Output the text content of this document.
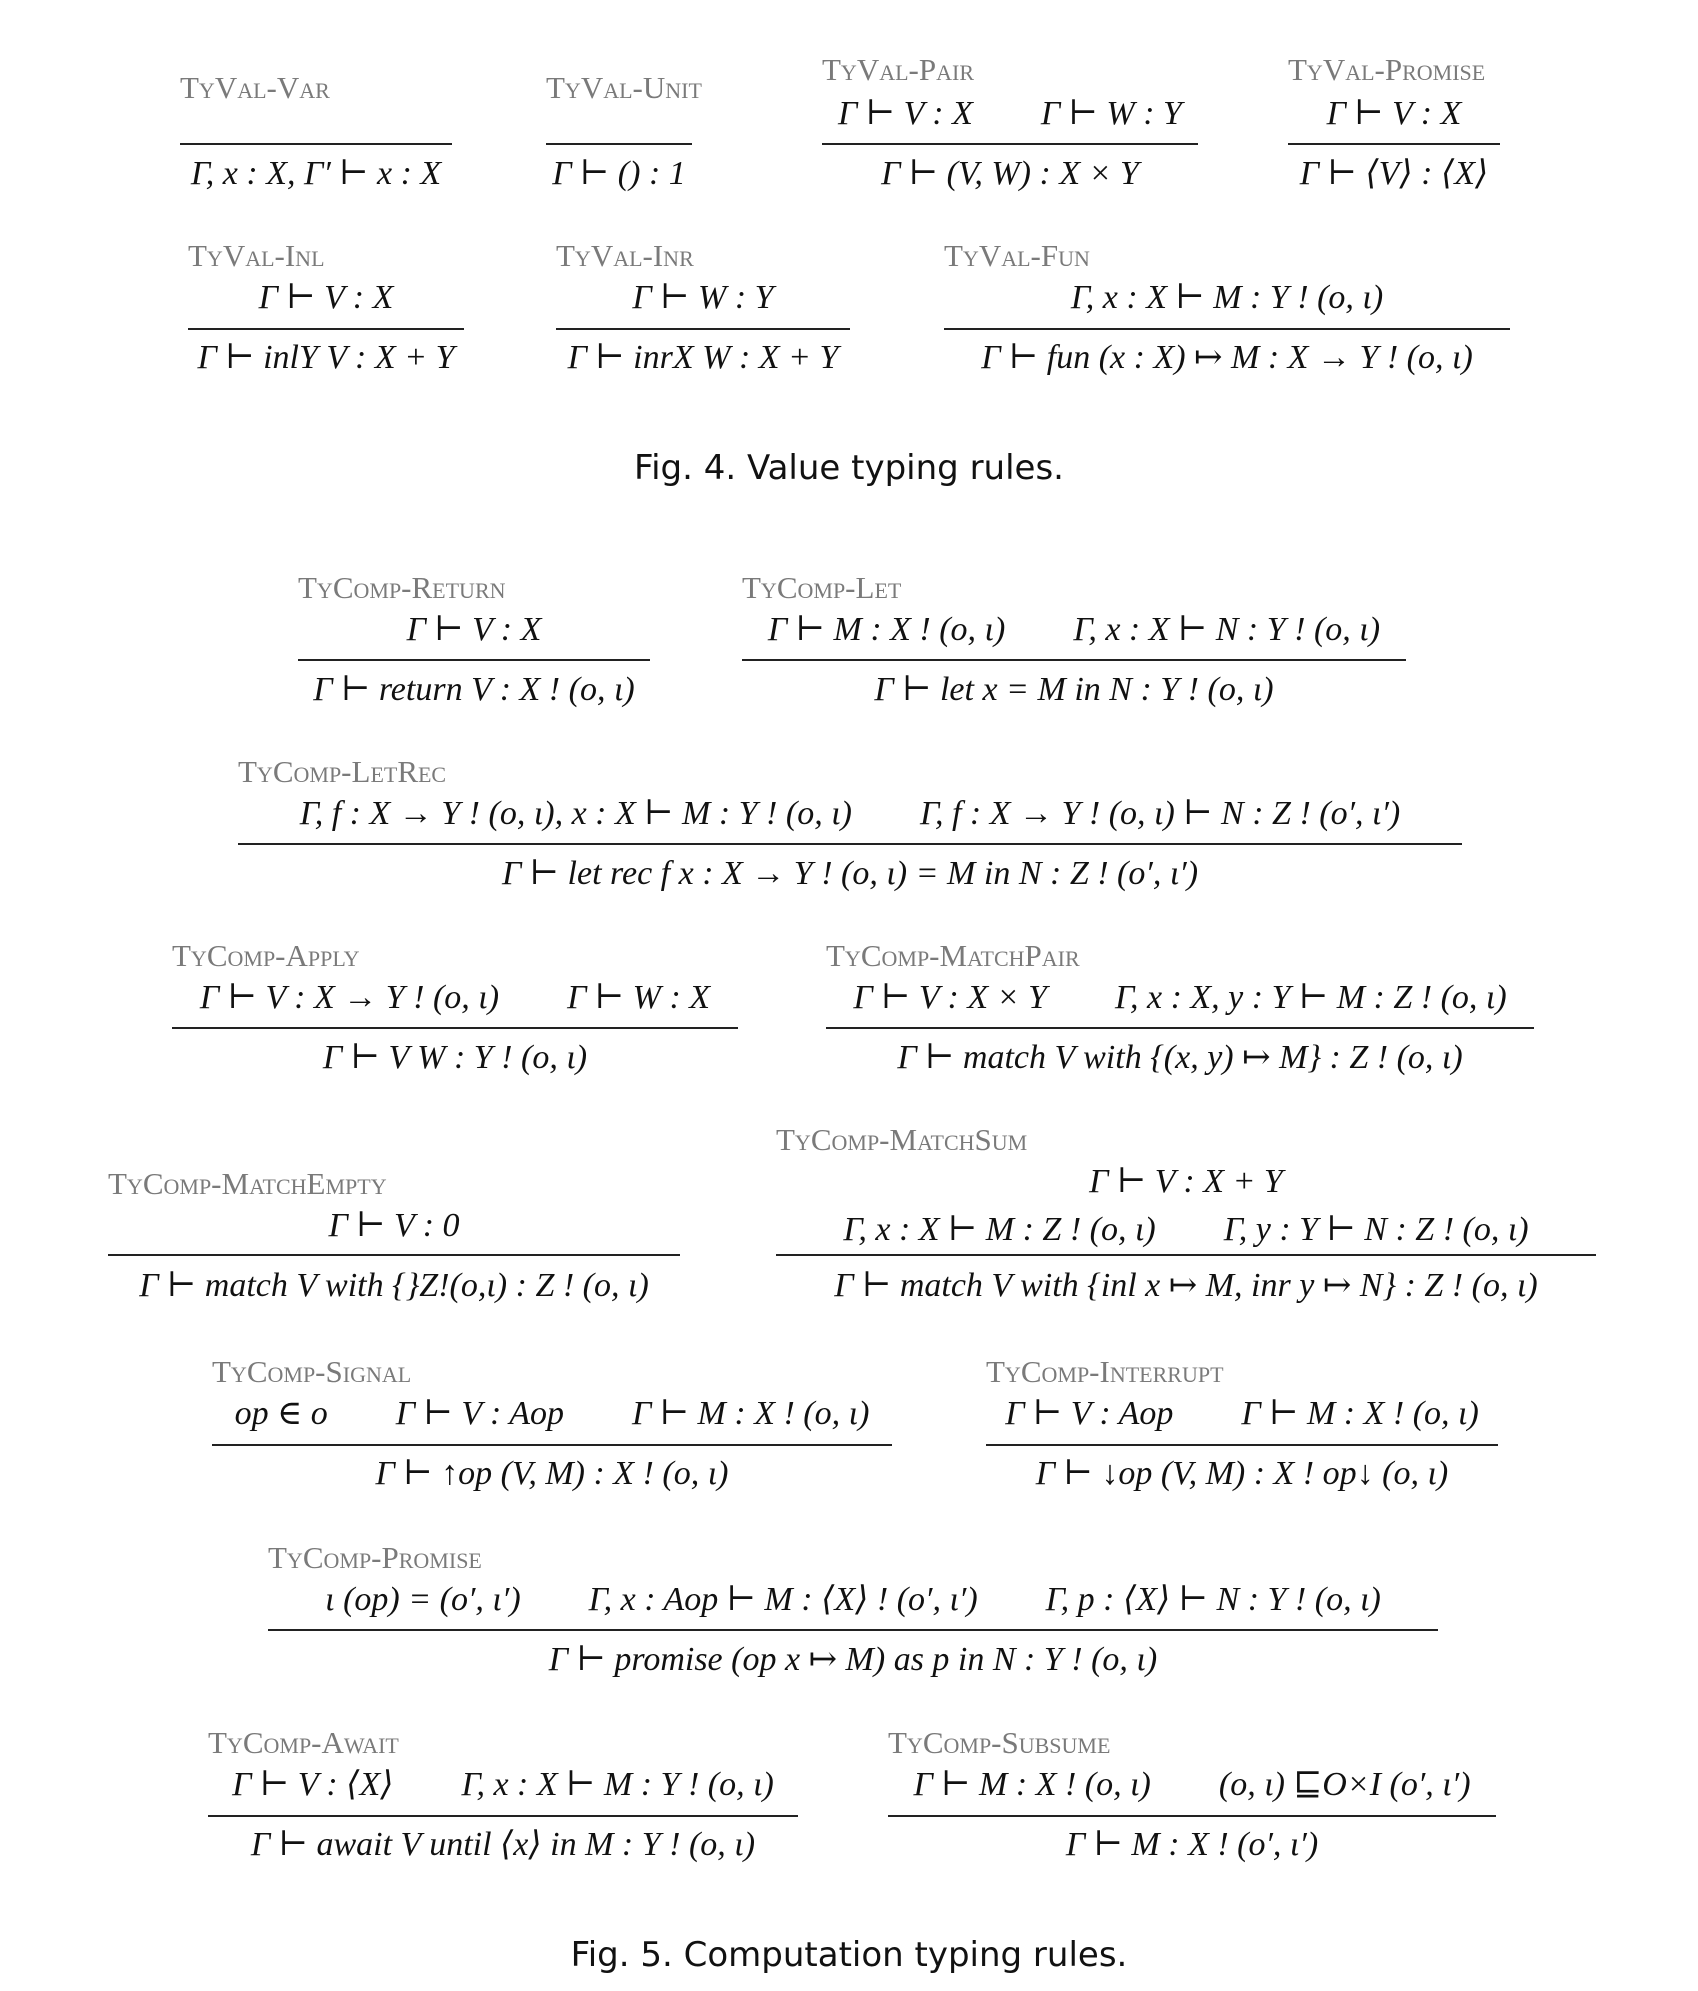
TyVal-Var
Γ, x : X, Γ′ ⊢ x : X
TyVal-Unit
Γ ⊢ () : 1
TyVal-Pair
Γ ⊢ V : X        Γ ⊢ W : Y
Γ ⊢ (V, W) : X × Y
TyVal-Promise
Γ ⊢ V : X
Γ ⊢ ⟨V⟩ : ⟨X⟩
TyVal-Inl
Γ ⊢ V : X
Γ ⊢ inlY V : X + Y
TyVal-Inr
Γ ⊢ W : Y
Γ ⊢ inrX W : X + Y
TyVal-Fun
Γ, x : X ⊢ M : Y ! (o, ι)
Γ ⊢ fun (x : X) ↦ M : X → Y ! (o, ι)
Fig. 4. Value typing rules.
TyComp-Return
Γ ⊢ V : X
Γ ⊢ return V : X ! (o, ι)
TyComp-Let
Γ ⊢ M : X ! (o, ι)        Γ, x : X ⊢ N : Y ! (o, ι)
Γ ⊢ let x = M in N : Y ! (o, ι)
TyComp-LetRec
Γ, f : X → Y ! (o, ι), x : X ⊢ M : Y ! (o, ι)        Γ, f : X → Y ! (o, ι) ⊢ N : Z ! (o′, ι′)
Γ ⊢ let rec f x : X → Y ! (o, ι) = M in N : Z ! (o′, ι′)
TyComp-Apply
Γ ⊢ V : X → Y ! (o, ι)        Γ ⊢ W : X
Γ ⊢ V W : Y ! (o, ι)
TyComp-MatchPair
Γ ⊢ V : X × Y        Γ, x : X, y : Y ⊢ M : Z ! (o, ι)
Γ ⊢ match V with {(x, y) ↦ M} : Z ! (o, ι)
TyComp-MatchEmpty
Γ ⊢ V : 0
Γ ⊢ match V with {}Z!(o,ι) : Z ! (o, ι)
TyComp-MatchSum
Γ ⊢ V : X + Y
Γ, x : X ⊢ M : Z ! (o, ι)        Γ, y : Y ⊢ N : Z ! (o, ι)
Γ ⊢ match V with {inl x ↦ M, inr y ↦ N} : Z ! (o, ι)
TyComp-Signal
op ∈ o        Γ ⊢ V : Aop        Γ ⊢ M : X ! (o, ι)
Γ ⊢ ↑op (V, M) : X ! (o, ι)
TyComp-Interrupt
Γ ⊢ V : Aop        Γ ⊢ M : X ! (o, ι)
Γ ⊢ ↓op (V, M) : X ! op↓ (o, ι)
TyComp-Promise
ι (op) = (o′, ι′)        Γ, x : Aop ⊢ M : ⟨X⟩ ! (o′, ι′)        Γ, p : ⟨X⟩ ⊢ N : Y ! (o, ι)
Γ ⊢ promise (op x ↦ M) as p in N : Y ! (o, ι)
TyComp-Await
Γ ⊢ V : ⟨X⟩        Γ, x : X ⊢ M : Y ! (o, ι)
Γ ⊢ await V until ⟨x⟩ in M : Y ! (o, ι)
TyComp-Subsume
Γ ⊢ M : X ! (o, ι)        (o, ι) ⊑O×I (o′, ι′)
Γ ⊢ M : X ! (o′, ι′)
Fig. 5. Computation typing rules.
